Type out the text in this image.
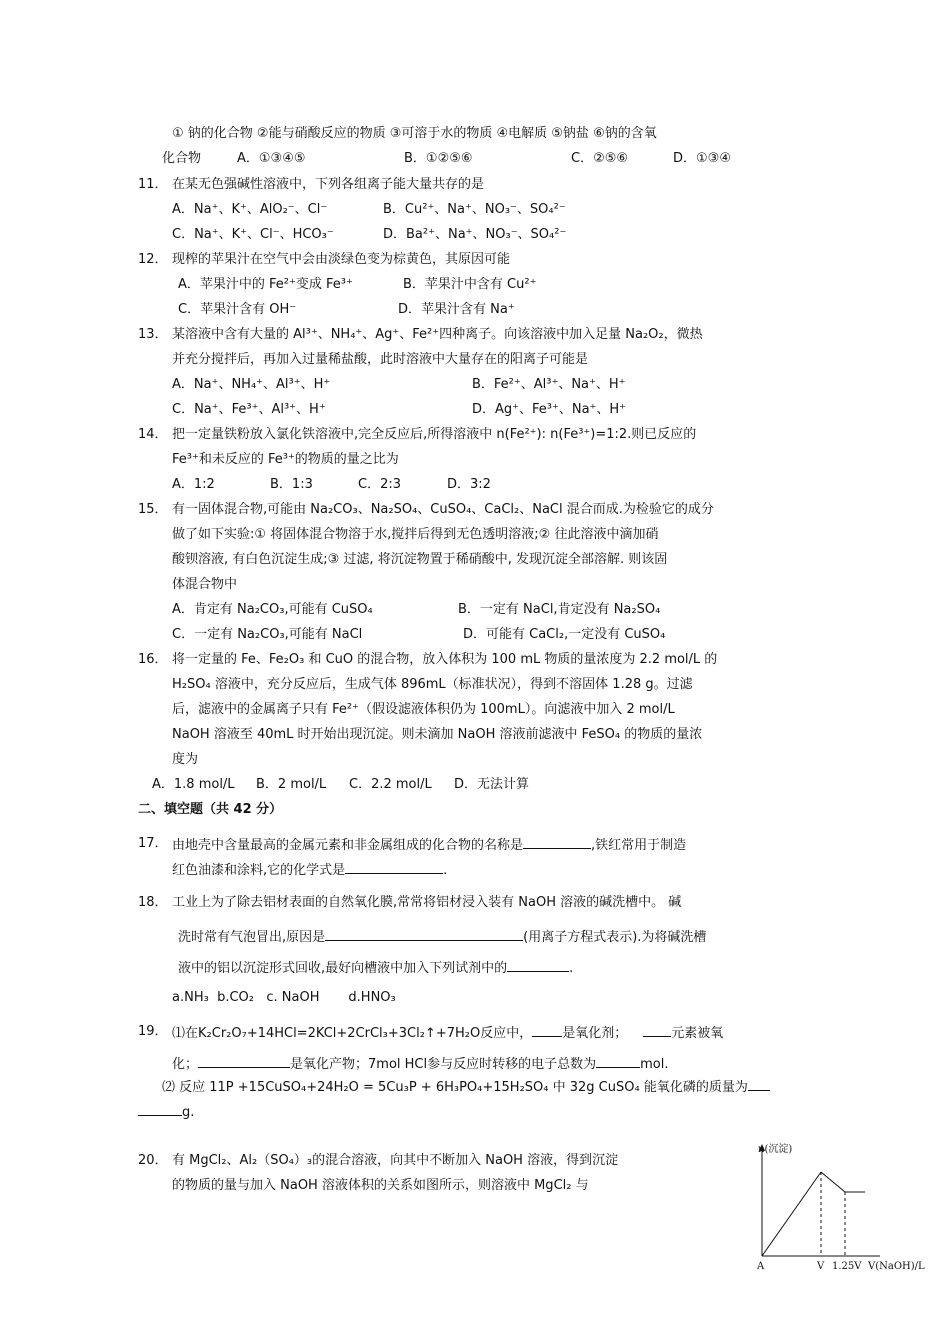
① 钠的化合物 ②能与硝酸反应的物质 ③可溶于水的物质 ④电解质 ⑤钠盐 ⑥钠的含氧
化合物	A．①③④⑤	B．①②⑤⑥	C．②⑤⑥	D．①③④
11． 在某无色强碱性溶液中，下列各组离子能大量共存的是
A．Na⁺、K⁺、AlO₂⁻、Cl⁻	B．Cu²⁺、Na⁺、NO₃⁻、SO₄²⁻
C．Na⁺、K⁺、Cl⁻、HCO₃⁻	D．Ba²⁺、Na⁺、NO₃⁻、SO₄²⁻
12． 现榨的苹果汁在空气中会由淡绿色变为棕黄色，其原因可能
A．苹果汁中的 Fe²⁺变成 Fe³⁺	B．苹果汁中含有 Cu²⁺
C．苹果汁含有 OH⁻	D．苹果汁含有 Na⁺
13． 某溶液中含有大量的 Al³⁺、NH₄⁺、Ag⁺、Fe²⁺四种离子。向该溶液中加入足量 Na₂O₂，微热
并充分搅拌后，再加入过量稀盐酸，此时溶液中大量存在的阳离子可能是
A．Na⁺、NH₄⁺、Al³⁺、H⁺	B．Fe²⁺、Al³⁺、Na⁺、H⁺
C．Na⁺、Fe³⁺、Al³⁺、H⁺	D．Ag⁺、Fe³⁺、Na⁺、H⁺
14． 把一定量铁粉放入氯化铁溶液中,完全反应后,所得溶液中 n(Fe²⁺): n(Fe³⁺)=1:2.则已反应的
Fe³⁺和未反应的 Fe³⁺的物质的量之比为
A．1:2	B．1:3	C．2:3	D．3:2
15． 有一固体混合物,可能由 Na₂CO₃、Na₂SO₄、CuSO₄、CaCl₂、NaCl 混合而成.为检验它的成分
做了如下实验:① 将固体混合物溶于水,搅拌后得到无色透明溶液;② 往此溶液中滴加硝
酸钡溶液, 有白色沉淀生成;③ 过滤, 将沉淀物置于稀硝酸中, 发现沉淀全部溶解. 则该固
体混合物中
A．肯定有 Na₂CO₃,可能有 CuSO₄	B．一定有 NaCl,肯定没有 Na₂SO₄
C．一定有 Na₂CO₃,可能有 NaCl	D．可能有 CaCl₂,一定没有 CuSO₄
16． 将一定量的 Fe、Fe₂O₃ 和 CuO 的混合物，放入体积为 100 mL 物质的量浓度为 2.2 mol/L 的
H₂SO₄ 溶液中，充分反应后，生成气体 896mL（标准状况），得到不溶固体 1.28 g。过滤
后，滤液中的金属离子只有 Fe²⁺（假设滤液体积仍为 100mL）。向滤液中加入 2 mol/L
NaOH 溶液至 40mL 时开始出现沉淀。则未滴加 NaOH 溶液前滤液中 FeSO₄ 的物质的量浓
度为
A．1.8 mol/L B．2 mol/L C．2.2 mol/L D．无法计算
二、填空题（共 42 分）
17． 由地壳中含量最高的金属元素和非金属组成的化合物的名称是	,铁红常用于制造
红色油漆和涂料,它的化学式是	.
18． 工业上为了除去铝材表面的自然氧化膜,常常将铝材浸入装有 NaOH 溶液的碱洗槽中。 碱
洗时常有气泡冒出,原因是	(用离子方程式表示).为将碱洗槽
液中的铝以沉淀形式回收,最好向槽液中加入下列试剂中的	.
a.NH₃  b.CO₂   c. NaOH       d.HNO₃
19． ⑴在K₂Cr₂O₇+14HCl=2KCl+2CrCl₃+3Cl₂↑+7H₂O反应中， 是氧化剂；	元素被氧
化；	是氧化产物；7mol HCl参与反应时转移的电子总数为	mol.
⑵ 反应 11P +15CuSO₄+24H₂O = 5Cu₃P + 6H₃PO₄+15H₂SO₄ 中 32g CuSO₄ 能氧化磷的质量为
g.
20． 有 MgCl₂、Al₂（SO₄）₃的混合溶液，向其中不断加入 NaOH 溶液，得到沉淀
的物质的量与加入 NaOH 溶液体积的关系如图所示，则溶液中 MgCl₂ 与
n(沉淀)
A	V 1.25V V(NaOH)/L
